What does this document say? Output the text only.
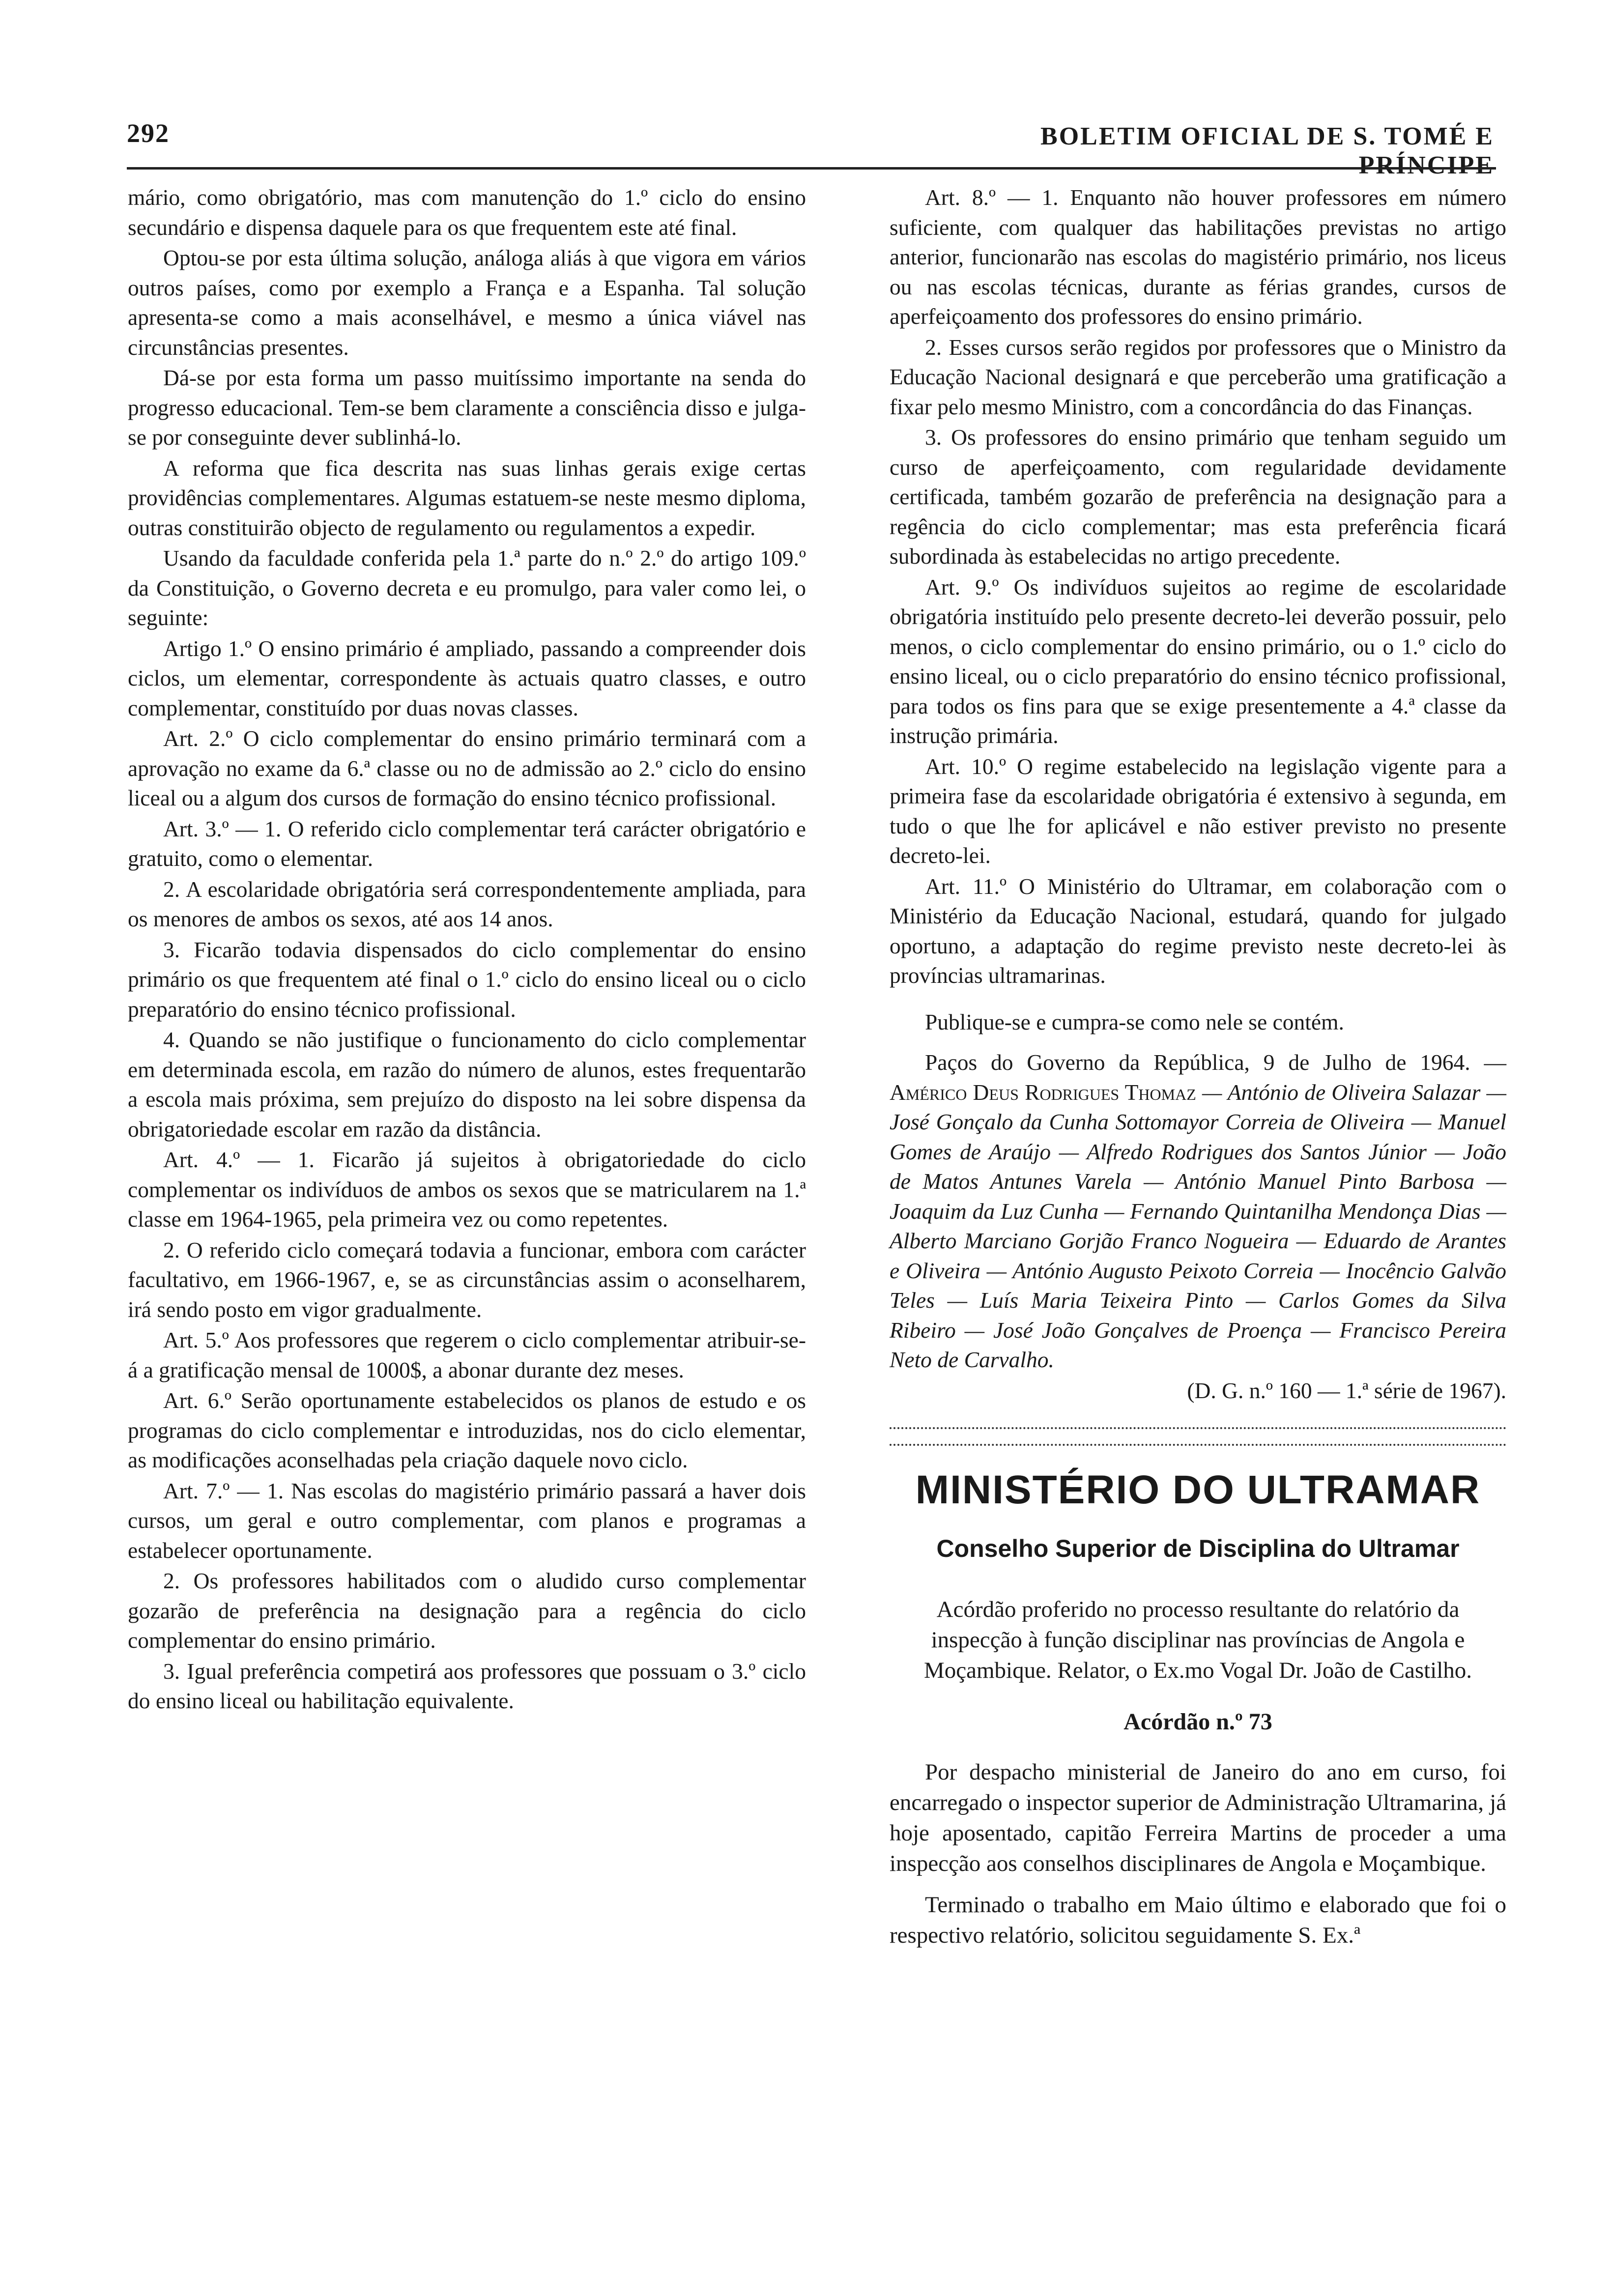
292	BOLETIM OFICIAL DE S. TOMÉ E PRÍNCIPE

mário, como obrigatório, mas com manutenção do 1.º ciclo do ensino secundário e dispensa daquele para os que frequentem este até final.

Optou-se por esta última solução, análoga aliás à que vigora em vários outros países, como por exemplo a França e a Espanha. Tal solução apresenta-se como a mais aconselhável, e mesmo a única viável nas circunstâncias presentes.

Dá-se por esta forma um passo muitíssimo importante na senda do progresso educacional. Tem-se bem claramente a consciência disso e julga-se por conseguinte dever sublinhá-lo.

A reforma que fica descrita nas suas linhas gerais exige certas providências complementares. Algumas estatuem-se neste mesmo diploma, outras constituirão objecto de regulamento ou regulamentos a expedir.

Usando da faculdade conferida pela 1.ª parte do n.º 2.º do artigo 109.º da Constituição, o Governo decreta e eu promulgo, para valer como lei, o seguinte:

Artigo 1.º O ensino primário é ampliado, passando a compreender dois ciclos, um elementar, correspondente às actuais quatro classes, e outro complementar, constituído por duas novas classes.

Art. 2.º O ciclo complementar do ensino primário terminará com a aprovação no exame da 6.ª classe ou no de admissão ao 2.º ciclo do ensino liceal ou a algum dos cursos de formação do ensino técnico profissional.

Art. 3.º — 1. O referido ciclo complementar terá carácter obrigatório e gratuito, como o elementar.

2. A escolaridade obrigatória será correspondentemente ampliada, para os menores de ambos os sexos, até aos 14 anos.

3. Ficarão todavia dispensados do ciclo complementar do ensino primário os que frequentem até final o 1.º ciclo do ensino liceal ou o ciclo preparatório do ensino técnico profissional.

4. Quando se não justifique o funcionamento do ciclo complementar em determinada escola, em razão do número de alunos, estes frequentarão a escola mais próxima, sem prejuízo do disposto na lei sobre dispensa da obrigatoriedade escolar em razão da distância.

Art. 4.º — 1. Ficarão já sujeitos à obrigatoriedade do ciclo complementar os indivíduos de ambos os sexos que se matricularem na 1.ª classe em 1964-1965, pela primeira vez ou como repetentes.

2. O referido ciclo começará todavia a funcionar, embora com carácter facultativo, em 1966-1967, e, se as circunstâncias assim o aconselharem, irá sendo posto em vigor gradualmente.

Art. 5.º Aos professores que regerem o ciclo complementar atribuir-se-á a gratificação mensal de 1000$, a abonar durante dez meses.

Art. 6.º Serão oportunamente estabelecidos os planos de estudo e os programas do ciclo complementar e introduzidas, nos do ciclo elementar, as modificações aconselhadas pela criação daquele novo ciclo.

Art. 7.º — 1. Nas escolas do magistério primário passará a haver dois cursos, um geral e outro complementar, com planos e programas a estabelecer oportunamente.

2. Os professores habilitados com o aludido curso complementar gozarão de preferência na designação para a regência do ciclo complementar do ensino primário.

3. Igual preferência competirá aos professores que possuam o 3.º ciclo do ensino liceal ou habilitação equivalente.

Art. 8.º — 1. Enquanto não houver professores em número suficiente, com qualquer das habilitações previstas no artigo anterior, funcionarão nas escolas do magistério primário, nos liceus ou nas escolas técnicas, durante as férias grandes, cursos de aperfeiçoamento dos professores do ensino primário.

2. Esses cursos serão regidos por professores que o Ministro da Educação Nacional designará e que perceberão uma gratificação a fixar pelo mesmo Ministro, com a concordância do das Finanças.

3. Os professores do ensino primário que tenham seguido um curso de aperfeiçoamento, com regularidade devidamente certificada, também gozarão de preferência na designação para a regência do ciclo complementar; mas esta preferência ficará subordinada às estabelecidas no artigo precedente.

Art. 9.º Os indivíduos sujeitos ao regime de escolaridade obrigatória instituído pelo presente decreto-lei deverão possuir, pelo menos, o ciclo complementar do ensino primário, ou o 1.º ciclo do ensino liceal, ou o ciclo preparatório do ensino técnico profissional, para todos os fins para que se exige presentemente a 4.ª classe da instrução primária.

Art. 10.º O regime estabelecido na legislação vigente para a primeira fase da escolaridade obrigatória é extensivo à segunda, em tudo o que lhe for aplicável e não estiver previsto no presente decreto-lei.

Art. 11.º O Ministério do Ultramar, em colaboração com o Ministério da Educação Nacional, estudará, quando for julgado oportuno, a adaptação do regime previsto neste decreto-lei às províncias ultramarinas.

Publique-se e cumpra-se como nele se contém.

Paços do Governo da República, 9 de Julho de 1964. — Américo Deus Rodrigues Thomaz — António de Oliveira Salazar — José Gonçalo da Cunha Sottomayor Correia de Oliveira — Manuel Gomes de Araújo — Alfredo Rodrigues dos Santos Júnior — João de Matos Antunes Varela — António Manuel Pinto Barbosa — Joaquim da Luz Cunha — Fernando Quintanilha Mendonça Dias — Alberto Marciano Gorjão Franco Nogueira — Eduardo de Arantes e Oliveira — António Augusto Peixoto Correia — Inocêncio Galvão Teles — Luís Maria Teixeira Pinto — Carlos Gomes da Silva Ribeiro — José João Gonçalves de Proença — Francisco Pereira Neto de Carvalho.

(D. G. n.º 160 — 1.ª série de 1967).

MINISTÉRIO DO ULTRAMAR

Conselho Superior de Disciplina do Ultramar

Acórdão proferido no processo resultante do relatório da inspecção à função disciplinar nas províncias de Angola e Moçambique. Relator, o Ex.mo Vogal Dr. João de Castilho.

Acórdão n.º 73

Por despacho ministerial de Janeiro do ano em curso, foi encarregado o inspector superior de Administração Ultramarina, já hoje aposentado, capitão Ferreira Martins de proceder a uma inspecção aos conselhos disciplinares de Angola e Moçambique.

Terminado o trabalho em Maio último e elaborado que foi o respectivo relatório, solicitou seguidamente S. Ex.ª
